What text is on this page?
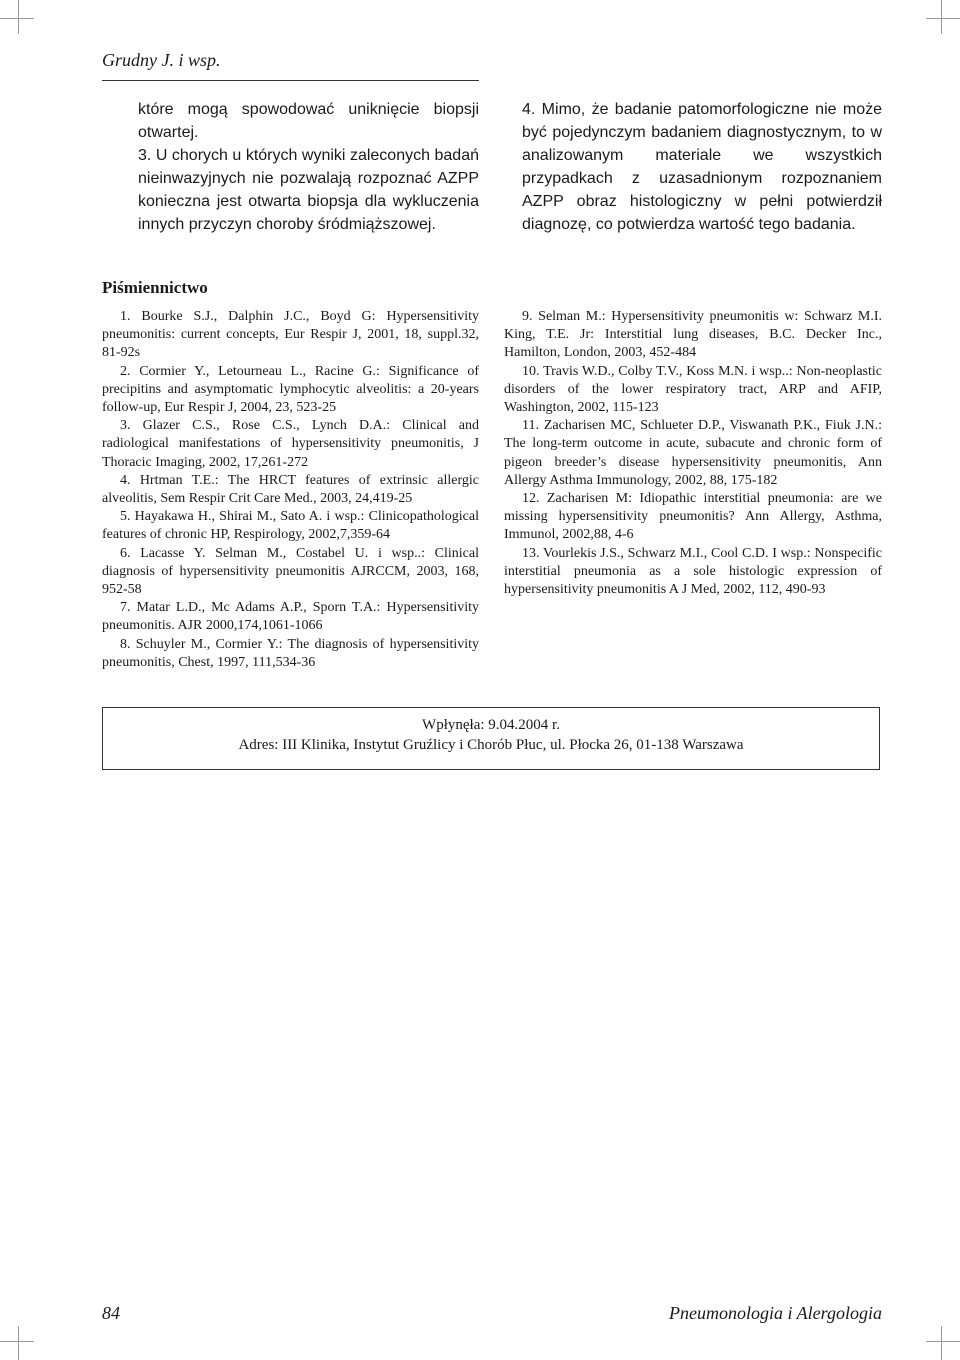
Grudny J. i wsp.

które mogą spowodować uniknięcie biopsji otwartej.

3. U chorych u których wyniki zaleconych badań nieinwazyjnych nie pozwalają rozpoznać AZPP konieczna jest otwarta biopsja dla wykluczenia innych przyczyn choroby śródmiąższowej.

4. Mimo, że badanie patomorfologiczne nie może być pojedynczym badaniem diagnostycznym, to w analizowanym materiale we wszystkich przypadkach z uzasadnionym rozpoznaniem AZPP obraz histologiczny w pełni potwierdził diagnozę, co potwierdza wartość tego badania.

Piśmiennictwo

1. Bourke S.J., Dalphin J.C., Boyd G: Hypersensitivity pneumonitis: current concepts, Eur Respir J, 2001, 18, suppl.32, 81-92s

2. Cormier Y., Letourneau L., Racine G.: Significance of precipitins and asymptomatic lymphocytic alveolitis: a 20-years follow-up, Eur Respir J, 2004, 23, 523-25

3. Glazer C.S., Rose C.S., Lynch D.A.: Clinical and radiological manifestations of hypersensitivity pneumonitis, J Thoracic Imaging, 2002, 17,261-272

4. Hrtman T.E.: The HRCT features of extrinsic allergic alveolitis, Sem Respir Crit Care Med., 2003, 24,419-25

5. Hayakawa H., Shirai M., Sato A. i wsp.: Clinicopathological features of chronic HP, Respirology, 2002,7,359-64

6. Lacasse Y. Selman M., Costabel U. i wsp..: Clinical diagnosis of hypersensitivity pneumonitis AJRCCM, 2003, 168, 952-58

7. Matar L.D., Mc Adams A.P., Sporn T.A.: Hypersensitivity pneumonitis. AJR 2000,174,1061-1066

8. Schuyler M., Cormier Y.: The diagnosis of hypersensitivity pneumonitis, Chest, 1997, 111,534-36

9. Selman M.: Hypersensitivity pneumonitis w: Schwarz M.I. King, T.E. Jr: Interstitial lung diseases, B.C. Decker Inc., Hamilton, London, 2003, 452-484

10. Travis W.D., Colby T.V., Koss M.N. i wsp..: Non-neoplastic disorders of the lower respiratory tract, ARP and AFIP, Washington, 2002, 115-123

11. Zacharisen MC, Schlueter D.P., Viswanath P.K., Fiuk J.N.: The long-term outcome in acute, subacute and chronic form of pigeon breeder’s disease hypersensitivity pneumonitis, Ann Allergy Asthma Immunology, 2002, 88, 175-182

12. Zacharisen M: Idiopathic interstitial pneumonia: are we missing hypersensitivity pneumonitis? Ann Allergy, Asthma, Immunol, 2002,88, 4-6

13. Vourlekis J.S., Schwarz M.I., Cool C.D. I wsp.: Nonspecific interstitial pneumonia as a sole histologic expression of hypersensitivity pneumonitis A J Med, 2002, 112, 490-93

Wpłynęła: 9.04.2004 r.
Adres: III Klinika, Instytut Gruźlicy i Chorób Płuc, ul. Płocka 26, 01-138 Warszawa
84	Pneumonologia i Alergologia
